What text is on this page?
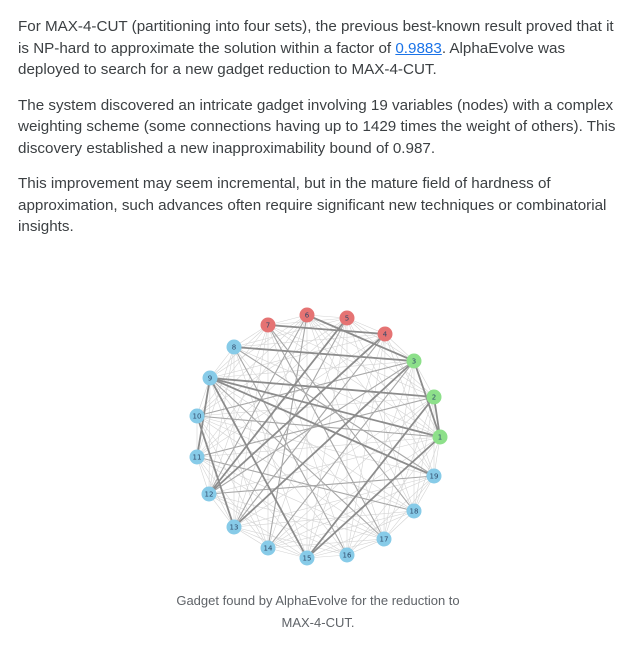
For MAX-4-CUT (partitioning into four sets), the previous best-known result proved that it is NP-hard to approximate the solution within a factor of 0.9883. AlphaEvolve was deployed to search for a new gadget reduction to MAX-4-CUT.

The system discovered an intricate gadget involving 19 variables (nodes) with a complex weighting scheme (some connections having up to 1429 times the weight of others). This discovery established a new inapproximability bound of 0.987.

This improvement may seem incremental, but in the mature field of hardness of approximation, such advances often require significant new techniques or combinatorial insights.

1
2
3
4
5
6
7
8
9
10
11
12
13
14
15	16
17
18
19
Gadget found by AlphaEvolve for the reduction to
MAX-4-CUT.
